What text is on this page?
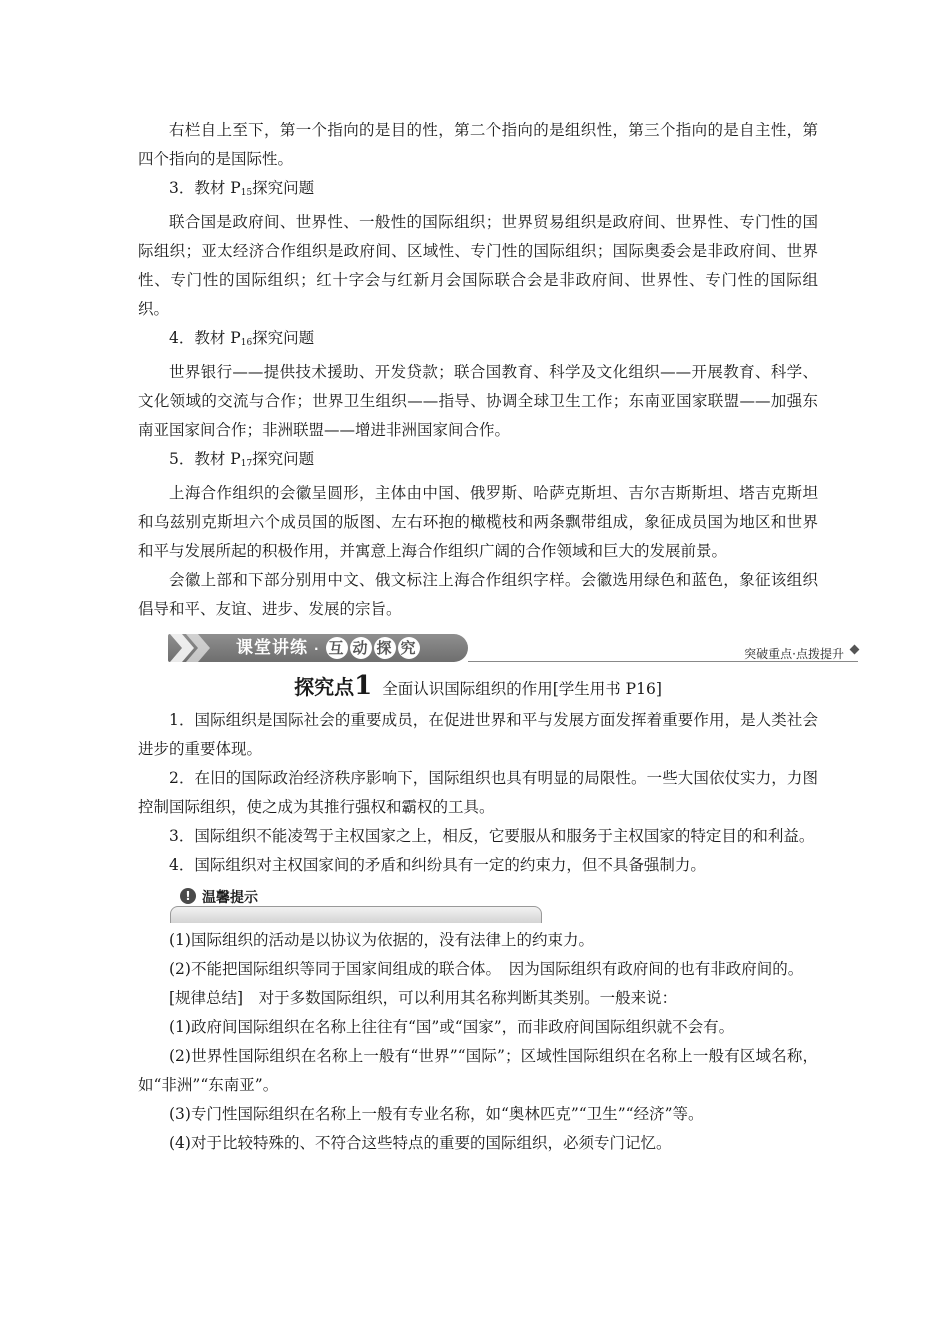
右栏自上至下，第一个指向的是目的性，第二个指向的是组织性，第三个指向的是自主性，第四个指向的是国际性。

3．教材 $P_{15}$探究问题

联合国是政府间、世界性、一般性的国际组织；世界贸易组织是政府间、世界性、专门性的国际组织；亚太经济合作组织是政府间、区域性、专门性的国际组织；国际奥委会是非政府间、世界性、专门性的国际组织；红十字会与红新月会国际联合会是非政府间、世界性、专门性的国际组织。

4．教材 $P_{16}$探究问题

世界银行——提供技术援助、开发贷款；联合国教育、科学及文化组织——开展教育、科学、文化领域的交流与合作；世界卫生组织——指导、协调全球卫生工作；东南亚国家联盟——加强东南亚国家间合作；非洲联盟——增进非洲国家间合作。

5．教材 $P_{17}$探究问题

上海合作组织的会徽呈圆形，主体由中国、俄罗斯、哈萨克斯坦、吉尔吉斯斯坦、塔吉克斯坦和乌兹别克斯坦六个成员国的版图、左右环抱的橄榄枝和两条飘带组成，象征成员国为地区和世界和平与发展所起的积极作用，并寓意上海合作组织广阔的合作领域和巨大的发展前景。

会徽上部和下部分别用中文、俄文标注上海合作组织字样。会徽选用绿色和蓝色，象征该组织倡导和平、友谊、进步、发展的宗旨。

课堂讲练 · 互 动 探 究	突破重点·点拨提升
探究点1 全面认识国际组织的作用[学生用书 P16]

1．国际组织是国际社会的重要成员，在促进世界和平与发展方面发挥着重要作用，是人类社会进步的重要体现。

2．在旧的国际政治经济秩序影响下，国际组织也具有明显的局限性。一些大国依仗实力，力图控制国际组织，使之成为其推行强权和霸权的工具。

3．国际组织不能凌驾于主权国家之上，相反，它要服从和服务于主权国家的特定目的和利益。

4．国际组织对主权国家间的矛盾和纠纷具有一定的约束力，但不具备强制力。

! 温馨提示

(1)国际组织的活动是以协议为依据的，没有法律上的约束力。

(2)不能把国际组织等同于国家间组成的联合体。　因为国际组织有政府间的也有非政府间的。

[规律总结]　对于多数国际组织，可以利用其名称判断其类别。一般来说：

(1)政府间国际组织在名称上往往有“国”或“国家”，而非政府间国际组织就不会有。

(2)世界性国际组织在名称上一般有“世界”“国际”；区域性国际组织在名称上一般有区域名称，如“非洲”“东南亚”。

(3)专门性国际组织在名称上一般有专业名称，如“奥林匹克”“卫生”“经济”等。

(4)对于比较特殊的、不符合这些特点的重要的国际组织，必须专门记忆。
